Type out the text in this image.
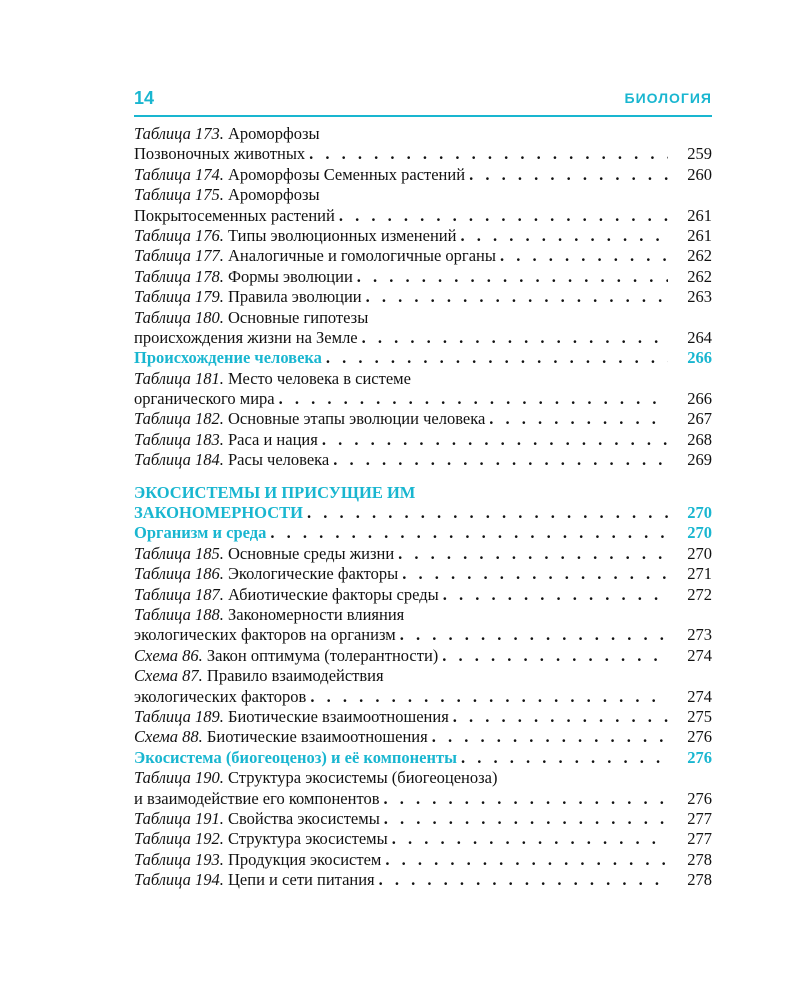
14	БИОЛОГИЯ
Таблица 173. Ароморфозы
Позвоночных животных . . .	259
Таблица 174. Ароморфозы Семенных растений . . .	260
Таблица 175. Ароморфозы
Покрытосеменных растений . . .	261
Таблица 176. Типы эволюционных изменений . . .	261
Таблица 177. Аналогичные и гомологичные органы . . .	262
Таблица 178. Формы эволюции . . .	262
Таблица 179. Правила эволюции . . .	263
Таблица 180. Основные гипотезы
происхождения жизни на Земле . . .	264
Происхождение человека . . .	266
Таблица 181. Место человека в системе
органического мира . . .	266
Таблица 182. Основные этапы эволюции человека . . .	267
Таблица 183. Раса и нация . . .	268
Таблица 184. Расы человека . . .	269
ЭКОСИСТЕМЫ И ПРИСУЩИЕ ИМ
ЗАКОНОМЕРНОСТИ . . .	270
Организм и среда . . .	270
Таблица 185. Основные среды жизни . . .	270
Таблица 186. Экологические факторы . . .	271
Таблица 187. Абиотические факторы среды . . .	272
Таблица 188. Закономерности влияния
экологических факторов на организм . . .	273
Схема 86. Закон оптимума (толерантности) . . .	274
Схема 87. Правило взаимодействия
экологических факторов . . .	274
Таблица 189. Биотические взаимоотношения . . .	275
Схема 88. Биотические взаимоотношения . . .	276
Экосистема (биогеоценоз) и её компоненты . . .	276
Таблица 190. Структура экосистемы (биогеоценоза)
и взаимодействие его компонентов . . .	276
Таблица 191. Свойства экосистемы . . .	277
Таблица 192. Структура экосистемы . . .	277
Таблица 193. Продукция экосистем . . .	278
Таблица 194. Цепи и сети питания . . .	278
